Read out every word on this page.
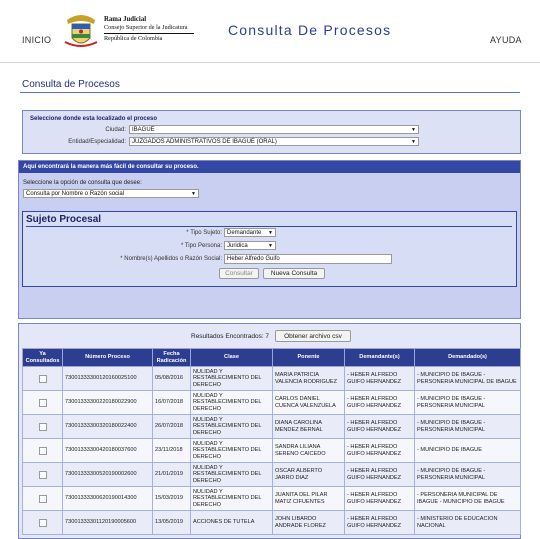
INICIO
Rama Judicial
Consejo Superior de la Judicatura
República de Colombia
Consulta De Procesos
AYUDA
Consulta de Procesos
Seleccione donde esta localizado el proceso
Ciudad:	IBAGUE	▼
Entidad/Especialidad:	JUZGADOS ADMINISTRATIVOS DE IBAGUE (ORAL)	▼
Aquí encontrará la manera más fácil de consultar su proceso.
Seleccione la opción de consulta que desee:
Consulta por Nombre o Razón social	▼
Sujeto Procesal
* Tipo Sujeto: Demandante ▼
* Tipo Persona: Juridica	▼
* Nombre(s) Apellidos o Razón Social: Heber Alfredo Guifo
Consultar	Nueva Consulta
Resultados Encontrados: 7	Obtener archivo csv
Ya Consultados	Número Proceso	Fecha Radicación	Clase	Ponente	Demandante(s)	Demandado(s)

	73001333300120160025100	05/08/2016	NULIDAD Y RESTABLECIMIENTO DEL DERECHO	MARIA PATRICIA VALENCIA RODRIGUEZ	- HEBER ALFREDO GUIFO HERNANDEZ	- MUNICIPIO DE IBAGUE - PERSONERIA MUNICIPAL DE IBAGUE

	73001333300220180022900	16/07/2018	NULIDAD Y RESTABLECIMIENTO DEL DERECHO	CARLOS DANIEL CUENCA VALENZUELA	- HEBER ALFREDO GUIFO HERNANDEZ	- MUNICIPIO DE IBAGUE - PERSONERIA MUNICIPAL

	73001333300320180022400	26/07/2018	NULIDAD Y RESTABLECIMIENTO DEL DERECHO	DIANA CAROLINA MENDEZ BERNAL	- HEBER ALFREDO GUIFO HERNANDEZ	- MUNICIPIO DE IBAGUE - PERSONERIA MUNICIPAL

	73001333300420180037600	23/11/2018	NULIDAD Y RESTABLECIMIENTO DEL DERECHO	SANDRA LILIANA SERENO CAICEDO	- HEBER ALFREDO GUIFO HERNANDEZ	- MUNICIPIO DE IBAGUE

	73001333300520190002600	21/01/2019	NULIDAD Y RESTABLECIMIENTO DEL DERECHO	OSCAR ALBERTO JARRO DIAZ	- HEBER ALFREDO GUIFO HERNANDEZ	- MUNICIPIO DE IBAGUE - PERSONERIA MUNICIPAL

	73001333300620190014300	15/03/2019	NULIDAD Y RESTABLECIMIENTO DEL DERECHO	JUANITA DEL PILAR MATIZ CIFUENTES	- HEBER ALFREDO GUIFO HERNANDEZ	- PERSONERIA MUNICIPAL DE IBAGUE - MUNICIPIO DE IBAGUE

	73001333301120190005600	13/05/2019	ACCIONES DE TUTELA	JOHN LIBARDO ANDRADE FLOREZ	- HEBER ALFREDO GUIFO HERNANDEZ	- MINISTERIO DE EDUCACION NACIONAL
